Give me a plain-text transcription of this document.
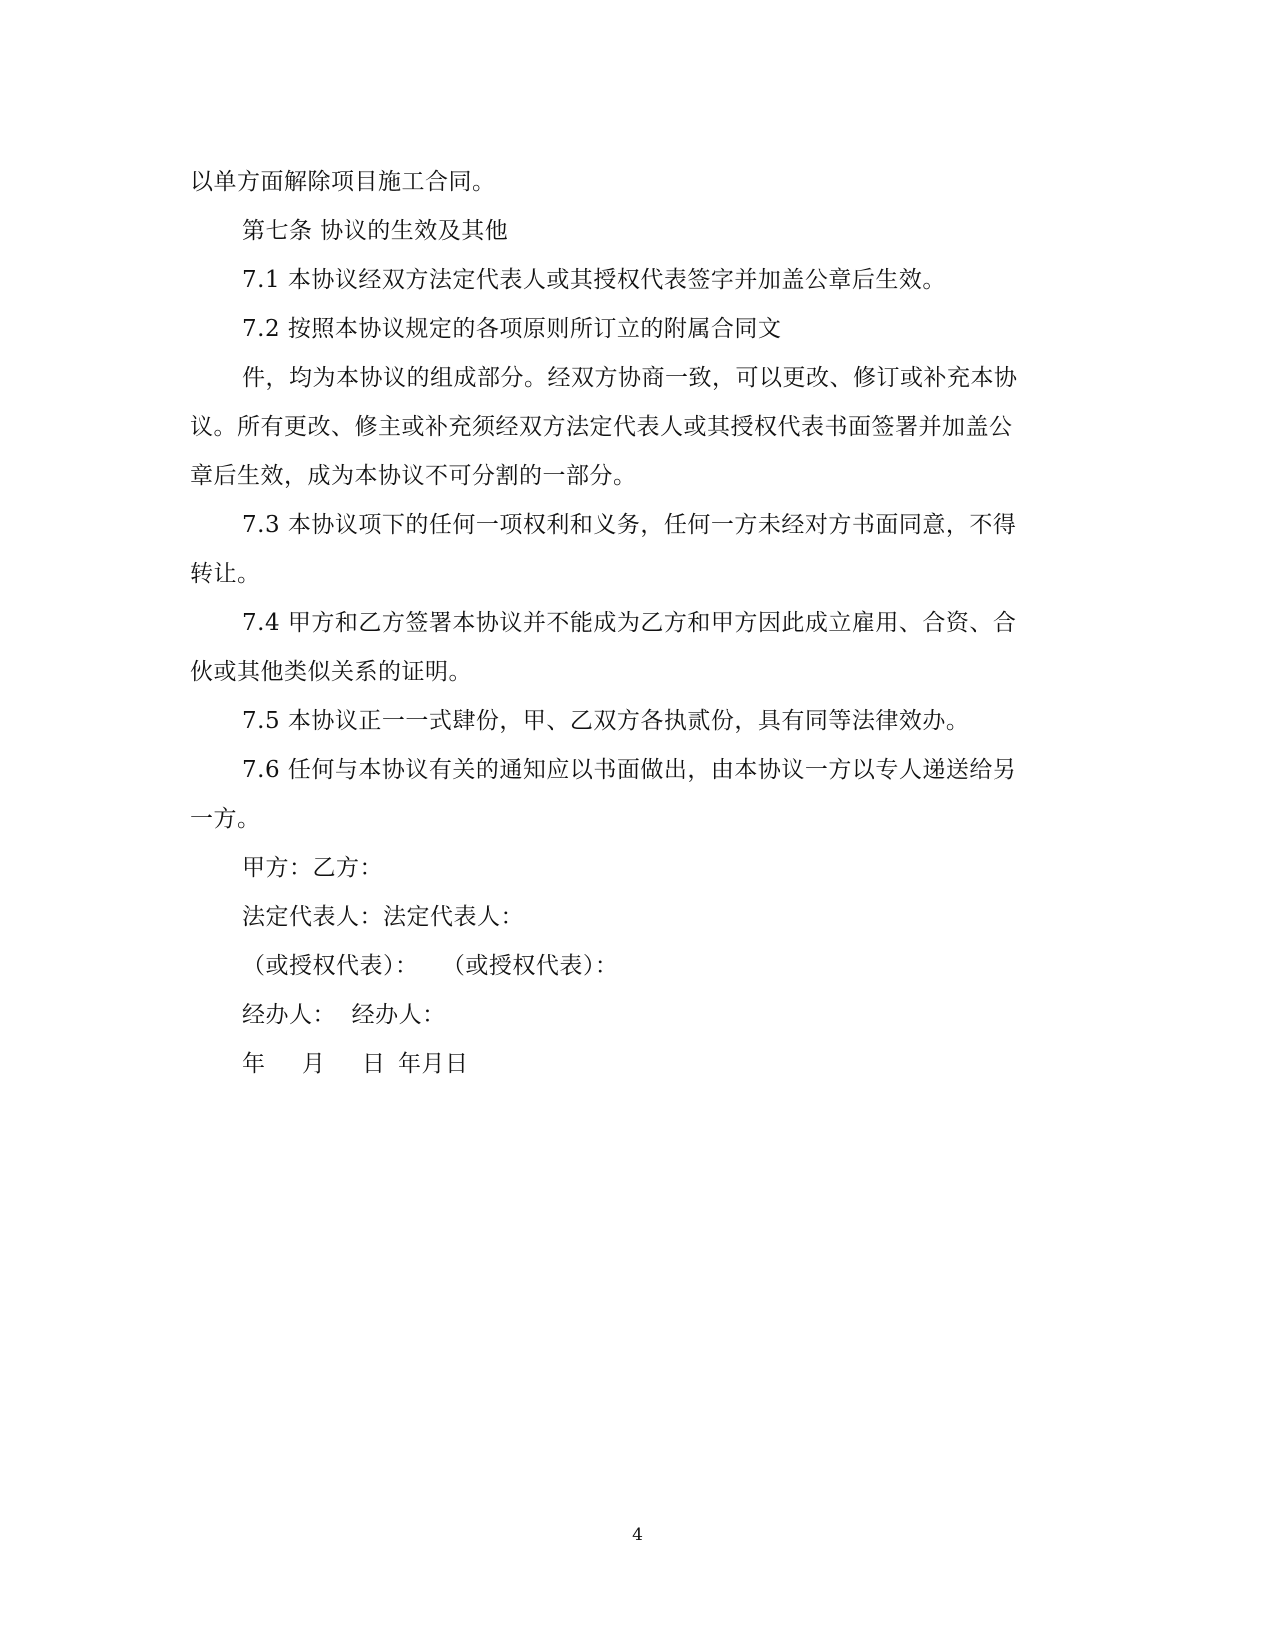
以单方面解除项目施工合同。
第七条 协议的生效及其他
7.1 本协议经双方法定代表人或其授权代表签字并加盖公章后生效。
7.2 按照本协议规定的各项原则所订立的附属合同文
件，均为本协议的组成部分。经双方协商一致，可以更改、修订或补充本协
议。所有更改、修主或补充须经双方法定代表人或其授权代表书面签署并加盖公
章后生效，成为本协议不可分割的一部分。
7.3 本协议项下的任何一项权利和义务，任何一方未经对方书面同意，不得
转让。
7.4 甲方和乙方签署本协议并不能成为乙方和甲方因此成立雇用、合资、合
伙或其他类似关系的证明。
7.5 本协议正一一式肆份，甲、乙双方各执贰份，具有同等法律效办。
7.6 任何与本协议有关的通知应以书面做出，由本协议一方以专人递送给另
一方。
甲方：乙方：
法定代表人：法定代表人：
（或授权代表）：   （或授权代表）：
经办人：  经办人：
年 月 日 年月日
4
